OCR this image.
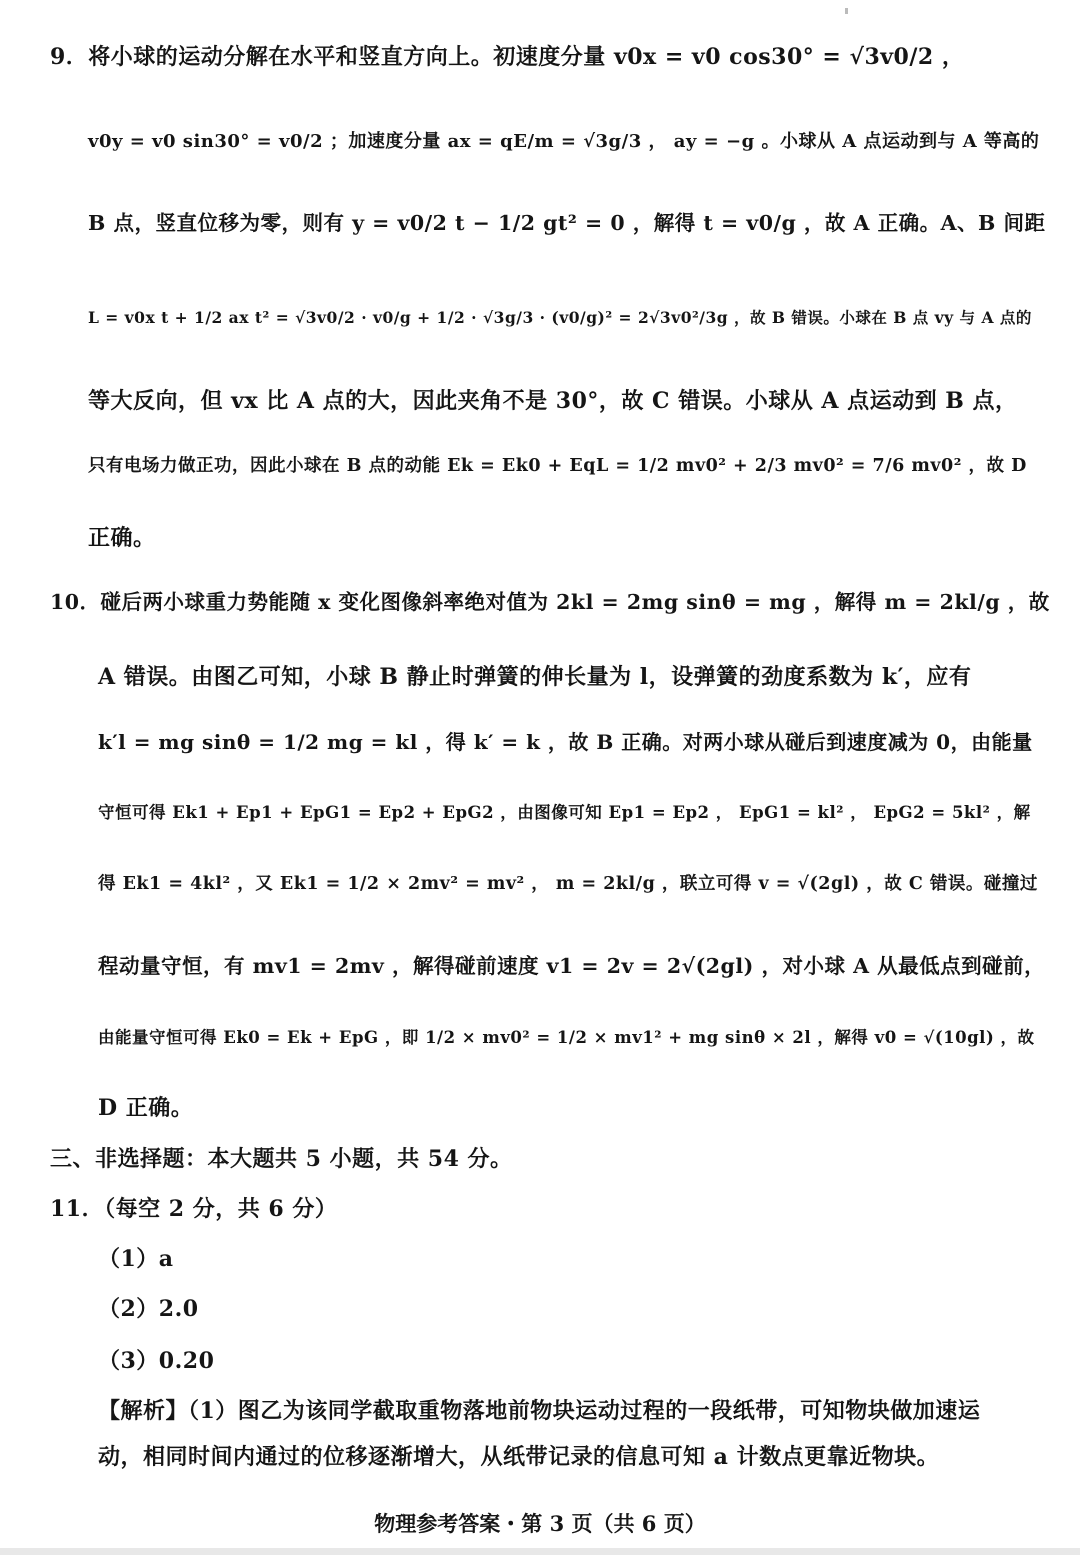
9．将小球的运动分解在水平和竖直方向上。初速度分量 v0x = v0 cos30° = √3v0/2 ，
v0y = v0 sin30° = v0/2 ；加速度分量 ax = qE/m = √3g/3 ， ay = −g 。小球从 A 点运动到与 A 等高的
B 点，竖直位移为零，则有 y = v0/2 t − 1/2 gt² = 0 ，解得 t = v0/g ，故 A 正确。A、B 间距
L = v0x t + 1/2 ax t² = √3v0/2 · v0/g + 1/2 · √3g/3 · (v0/g)² = 2√3v0²/3g ，故 B 错误。小球在 B 点 vy 与 A 点的
等大反向，但 vx 比 A 点的大，因此夹角不是 30°，故 C 错误。小球从 A 点运动到 B 点，
只有电场力做正功，因此小球在 B 点的动能 Ek = Ek0 + EqL = 1/2 mv0² + 2/3 mv0² = 7/6 mv0² ，故 D
正确。
10．碰后两小球重力势能随 x 变化图像斜率绝对值为 2kl = 2mg sinθ = mg ，解得 m = 2kl/g ，故
A 错误。由图乙可知，小球 B 静止时弹簧的伸长量为 l，设弹簧的劲度系数为 k′，应有
k′l = mg sinθ = 1/2 mg = kl ，得 k′ = k ，故 B 正确。对两小球从碰后到速度减为 0，由能量
守恒可得 Ek1 + Ep1 + EpG1 = Ep2 + EpG2 ，由图像可知 Ep1 = Ep2 ， EpG1 = kl² ， EpG2 = 5kl² ，解
得 Ek1 = 4kl² ，又 Ek1 = 1/2 × 2mv² = mv² ， m = 2kl/g ，联立可得 v = √(2gl) ，故 C 错误。碰撞过
程动量守恒，有 mv1 = 2mv ，解得碰前速度 v1 = 2v = 2√(2gl) ，对小球 A 从最低点到碰前，
由能量守恒可得 Ek0 = Ek + EpG ，即 1/2 × mv0² = 1/2 × mv1² + mg sinθ × 2l ，解得 v0 = √(10gl) ，故
D 正确。
三、非选择题：本大题共 5 小题，共 54 分。
11．（每空 2 分，共 6 分）
（1）a
（2）2.0
（3）0.20
【解析】（1）图乙为该同学截取重物落地前物块运动过程的一段纸带，可知物块做加速运
动，相同时间内通过的位移逐渐增大，从纸带记录的信息可知 a 计数点更靠近物块。
物理参考答案・第 3 页（共 6 页）
